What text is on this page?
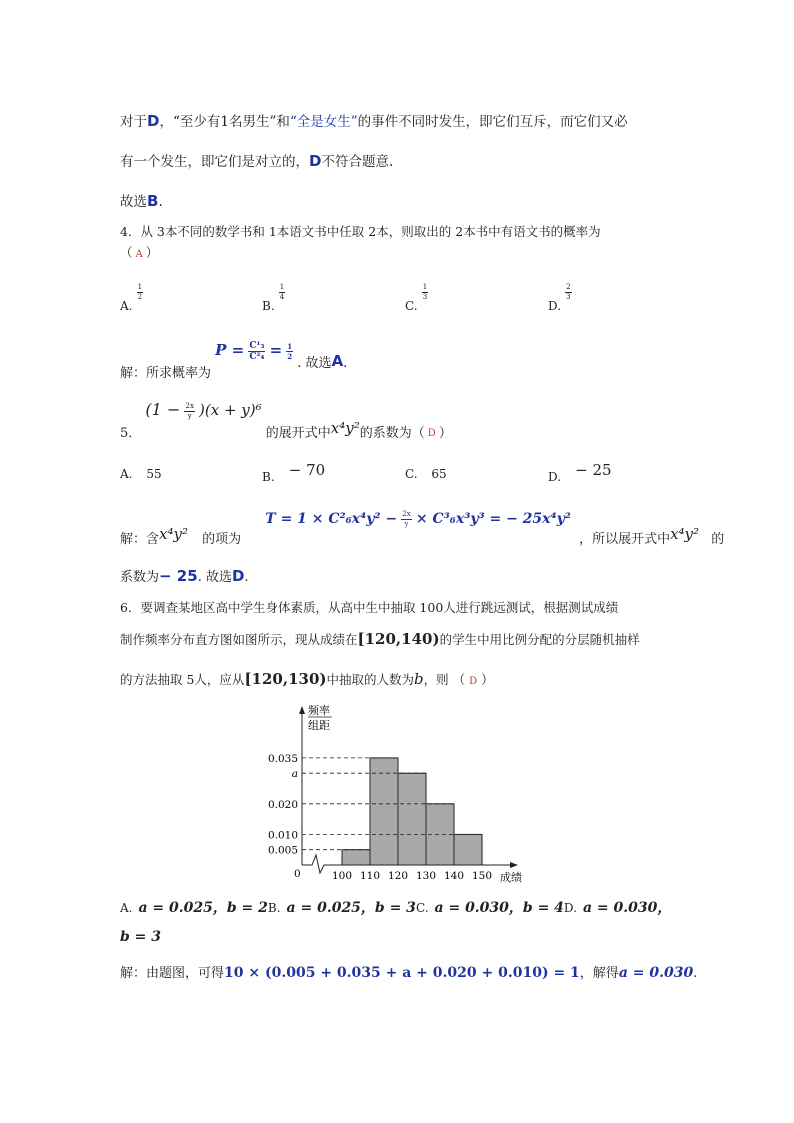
对于D，“至少有1名男生”和“全是女生”的事件不同时发生，即它们互斥，而它们又必
有一个发生，即它们是对立的，D不符合题意.
故选B.
4．从 3本不同的数学书和 1本语文书中任取 2本，则取出的 2本书中有语文书的概率为
（ A ）
A.
$\frac{1}{2}$
B.
$\frac{1}{4}$
C.
$\frac{1}{3}$
D.
$\frac{2}{3}$
解：所求概率为 $P = \frac{\text{C¹₃}}{\text{C²₄}} = \frac{1}{2}$
. 故选A.
5． $(1 - \frac{2x}{y} )(x + y)^6$ 的展开式中x⁴y²的系数为（ $_D$ ）
A. 55	B. − 70	C. 65	D. − 25
解：含x⁴y² 的项为 $T = 1 \times C^2_6x^4y^2 - \frac{2x}{y} \times C^3_6x^3y^3$ = − 25x⁴y² ，所以展开式中x⁴y² 的
系数为− 25. 故选D.
6．要调查某地区高中学生身体素质，从高中生中抽取 100人进行跳远测试，根据测试成绩
制作频率分布直方图如图所示，现从成绩在[120,140)的学生中用比例分配的分层随机抽样
的方法抽取 5人，应从[120,130)中抽取的人数为b，则 （ D ）
频率
组距
0.035
a
0.020
0.010
0.005
0	100 110 120 130 140 150 成绩
A. a = 0.025，b = 2B. a = 0.025，b = 3C. a = 0.030，b = 4D. a = 0.030，
b = 3
解：由题图，可得10 × (0.005 + 0.035 + a + 0.020 + 0.010) = 1，解得a = 0.030.
